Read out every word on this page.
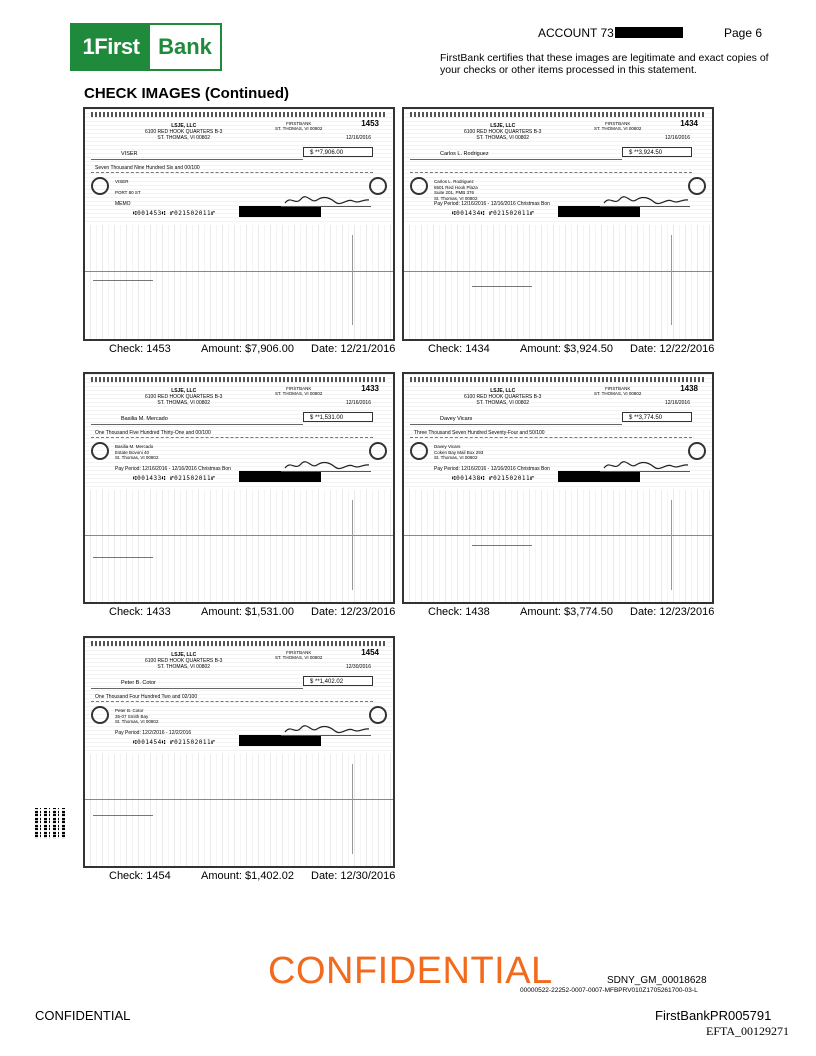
1First Bank
ACCOUNT 73	Page 6
FirstBank certifies that these images are legitimate and exact copies of your checks or other items processed in this statement.
CHECK IMAGES (Continued)
1453
LSJE, LLC
6100 RED HOOK QUARTERS B-3
ST. THOMAS, VI 00802
FIRSTBANK
ST. THOMAS, VI 00802
12/16/2016
VISER	$ **7,906.00
Seven Thousand Nine Hundred Six and 00/100
VISER

PORT 80 ST
MEMO
⑆001453⑆ ⑈021502011⑈
Check: 1453	Amount: $7,906.00 Date: 12/21/2016
1434
LSJE, LLC
6100 RED HOOK QUARTERS B-3
ST. THOMAS, VI 00802
FIRSTBANK
ST. THOMAS, VI 00802
12/16/2016
Carlos L. Rodriguez	$ **3,924.50
Carlos L. Rodriguez
6501 Red Hook Plaza
Suite 201, PMB 376
St. Thomas, VI 00802
Pay Period: 12/16/2016 - 12/16/2016 Christmas Bon
⑆001434⑆ ⑈021502011⑈
Check: 1434	Amount: $3,924.50 Date: 12/22/2016
1433
LSJE, LLC
6100 RED HOOK QUARTERS B-3
ST. THOMAS, VI 00802
FIRSTBANK
ST. THOMAS, VI 00802
12/16/2016
Basilia M. Mercado	$ **1,531.00
One Thousand Five Hundred Thirty-One and 00/100
Basilia M. Mercado
Estate Bovoni 40
St. Thomas, VI 00802
Pay Period: 12/16/2016 - 12/16/2016 Christmas Bon
⑆001433⑆ ⑈021502011⑈
Check: 1433	Amount: $1,531.00 Date: 12/23/2016
1438
LSJE, LLC
6100 RED HOOK QUARTERS B-3
ST. THOMAS, VI 00802
FIRSTBANK
ST. THOMAS, VI 00802
12/16/2016
Davey Vicars	$ **3,774.50
Three Thousand Seven Hundred Seventy-Four and 50/100
Davey Vicars
Coken Bay Mail Box 293
St. Thomas, VI 00802
Pay Period: 12/16/2016 - 12/16/2016 Christmas Bon
⑆001438⑆ ⑈021502011⑈
Check: 1438	Amount: $3,774.50 Date: 12/23/2016
1454
LSJE, LLC
6100 RED HOOK QUARTERS B-3
ST. THOMAS, VI 00802
FIRSTBANK
ST. THOMAS, VI 00802
12/30/2016
Peter B. Cotor	$ **1,402.02
One Thousand Four Hundred Two and 02/100
Peter B. Cotor
35-07 Smith Bay
St. Thomas, VI 00802
Pay Period: 12/2/2016 - 12/2/2016
⑆001454⑆ ⑈021502011⑈
Check: 1454	Amount: $1,402.02 Date: 12/30/2016
CONFIDENTIAL	SDNY_GM_00018628
00000522-22252-0007-0007-MFBPRV010Z1705261700-03-L
CONFIDENTIAL	FirstBankPR005791
EFTA_00129271
